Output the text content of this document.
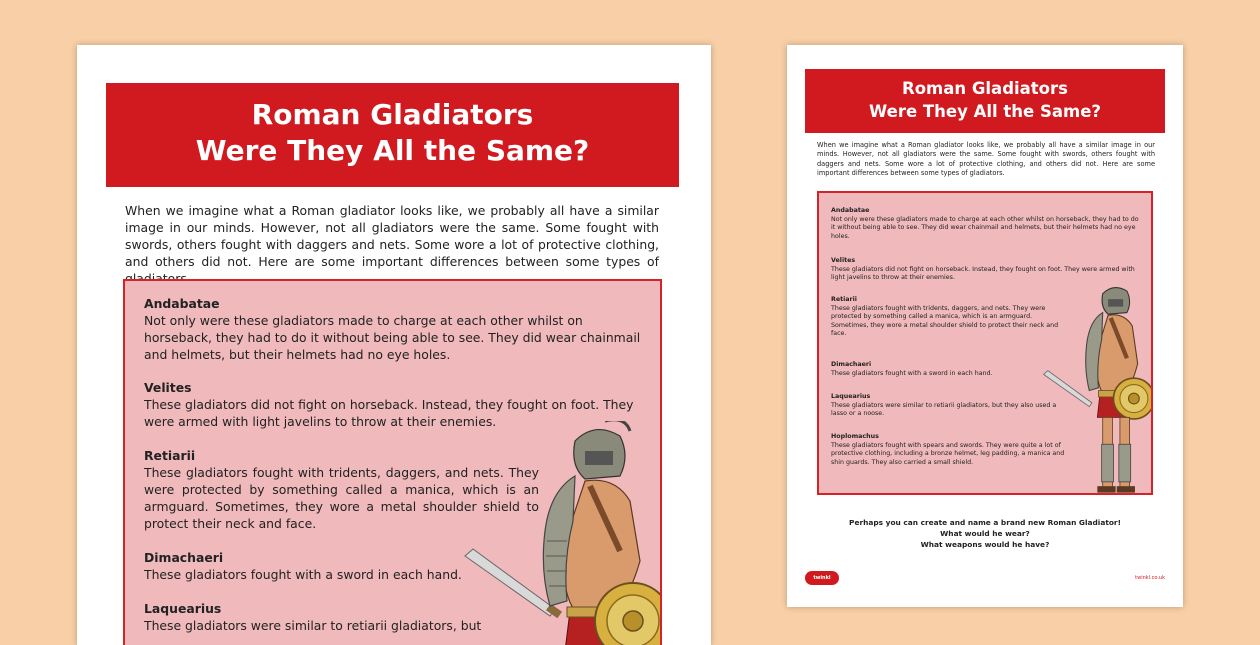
Roman Gladiators
Were They All the Same?
When we imagine what a Roman gladiator looks like, we probably all have a similar image in our minds. However, not all gladiators were the same. Some fought with swords, others fought with daggers and nets. Some wore a lot of protective clothing, and others did not. Here are some important differences between some types of
Andabatae
Not only were these gladiators made to charge at each other whilst on horseback, they had to do it without being able to see. They did wear chainmail and helmets, but their helmets had no eye holes.
Velites
These gladiators did not fight on horseback. Instead, they fought on foot. They were armed with light javelins to throw at their enemies.
Retiarii
These gladiators fought with tridents, daggers, and nets. They were protected by something called a manica, which is an armguard. Sometimes, they wore a metal shoulder shield to protect their neck and face.
Dimachaeri
These gladiators fought with a sword in each hand.
Laquearius
These gladiators were similar to retiarii gladiators, but
Roman Gladiators
Were They All the Same?
When we imagine what a Roman gladiator looks like, we probably all have a similar image in our minds. However, not all gladiators were the same. Some fought with swords, others fought with daggers and nets. Some wore a lot of protective clothing, and others did not. Here are some important differences between some types of gladiators.
Andabatae
Not only were these gladiators made to charge at each other whilst on horseback, they had to do it without being able to see. They did wear chainmail and helmets, but their helmets had no eye holes.
Velites
These gladiators did not fight on horseback. Instead, they fought on foot. They were armed with light javelins to throw at their enemies.
Retiarii
These gladiators fought with tridents, daggers, and nets. They were protected by something called a manica, which is an armguard. Sometimes, they wore a metal shoulder shield to protect their neck and face.
Dimachaeri
These gladiators fought with a sword in each hand.
Laquearius
These gladiators were similar to retiarii gladiators, but they also used a lasso or a noose.
Hoplomachus
These gladiators fought with spears and swords. They were quite a lot of protective clothing, including a bronze helmet, leg padding, a manica and shin guards. They also carried a small shield.
Perhaps you can create and name a brand new Roman Gladiator!
What would he wear?
What weapons would he have?
twinkl	twinkl.co.uk
